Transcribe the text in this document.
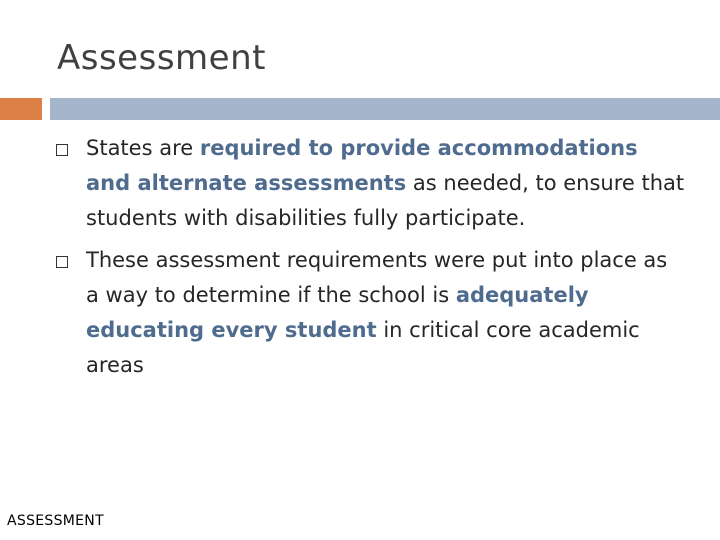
Assessment
States are required to provide accommodations and alternate assessments as needed, to ensure that students with disabilities fully participate.
These assessment requirements were put into place as a way to determine if the school is adequately educating every student in critical core academic areas
ASSESSMENT
